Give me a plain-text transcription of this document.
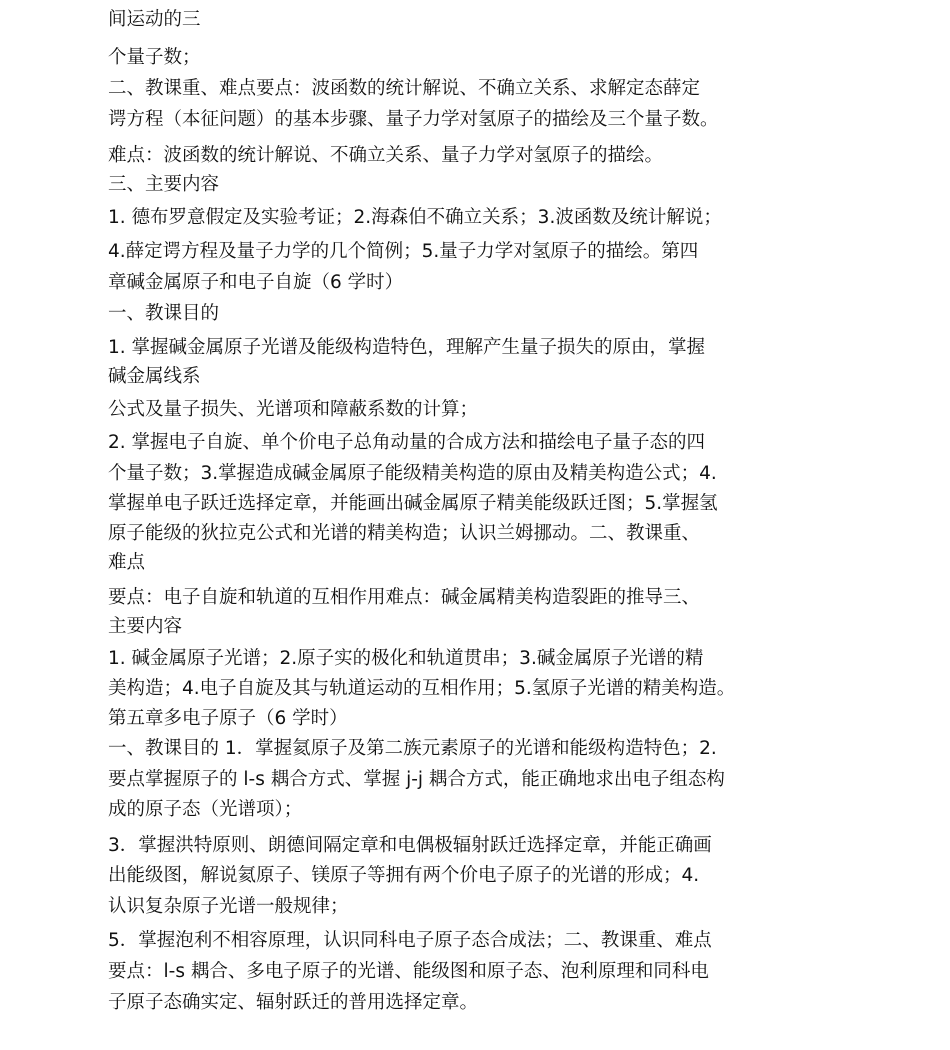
间运动的三
个量子数；
二、教课重、难点要点：波函数的统计解说、不确立关系、求解定态薛定
谔方程（本征问题）的基本步骤、量子力学对氢原子的描绘及三个量子数。
难点：波函数的统计解说、不确立关系、量子力学对氢原子的描绘。
三、主要内容
1. 德布罗意假定及实验考证；2.海森伯不确立关系；3.波函数及统计解说；
4.薛定谔方程及量子力学的几个简例；5.量子力学对氢原子的描绘。第四
章碱金属原子和电子自旋（6 学时）
一、教课目的
1. 掌握碱金属原子光谱及能级构造特色，理解产生量子损失的原由，掌握
碱金属线系
公式及量子损失、光谱项和障蔽系数的计算；
2. 掌握电子自旋、单个价电子总角动量的合成方法和描绘电子量子态的四
个量子数；3.掌握造成碱金属原子能级精美构造的原由及精美构造公式；4.
掌握单电子跃迁选择定章，并能画出碱金属原子精美能级跃迁图；5.掌握氢
原子能级的狄拉克公式和光谱的精美构造；认识兰姆挪动。二、教课重、
难点
要点：电子自旋和轨道的互相作用难点：碱金属精美构造裂距的推导三、
主要内容
1. 碱金属原子光谱；2.原子实的极化和轨道贯串；3.碱金属原子光谱的精
美构造；4.电子自旋及其与轨道运动的互相作用；5.氢原子光谱的精美构造。
第五章多电子原子（6 学时）
一、教课目的 1．掌握氦原子及第二族元素原子的光谱和能级构造特色；2.
要点掌握原子的 l-s 耦合方式、掌握 j-j 耦合方式，能正确地求出电子组态构
成的原子态（光谱项）；
3．掌握洪特原则、朗德间隔定章和电偶极辐射跃迁选择定章，并能正确画
出能级图，解说氦原子、镁原子等拥有两个价电子原子的光谱的形成；4.
认识复杂原子光谱一般规律；
5．掌握泡利不相容原理，认识同科电子原子态合成法；二、教课重、难点
要点：l-s 耦合、多电子原子的光谱、能级图和原子态、泡利原理和同科电
子原子态确实定、辐射跃迁的普用选择定章。
